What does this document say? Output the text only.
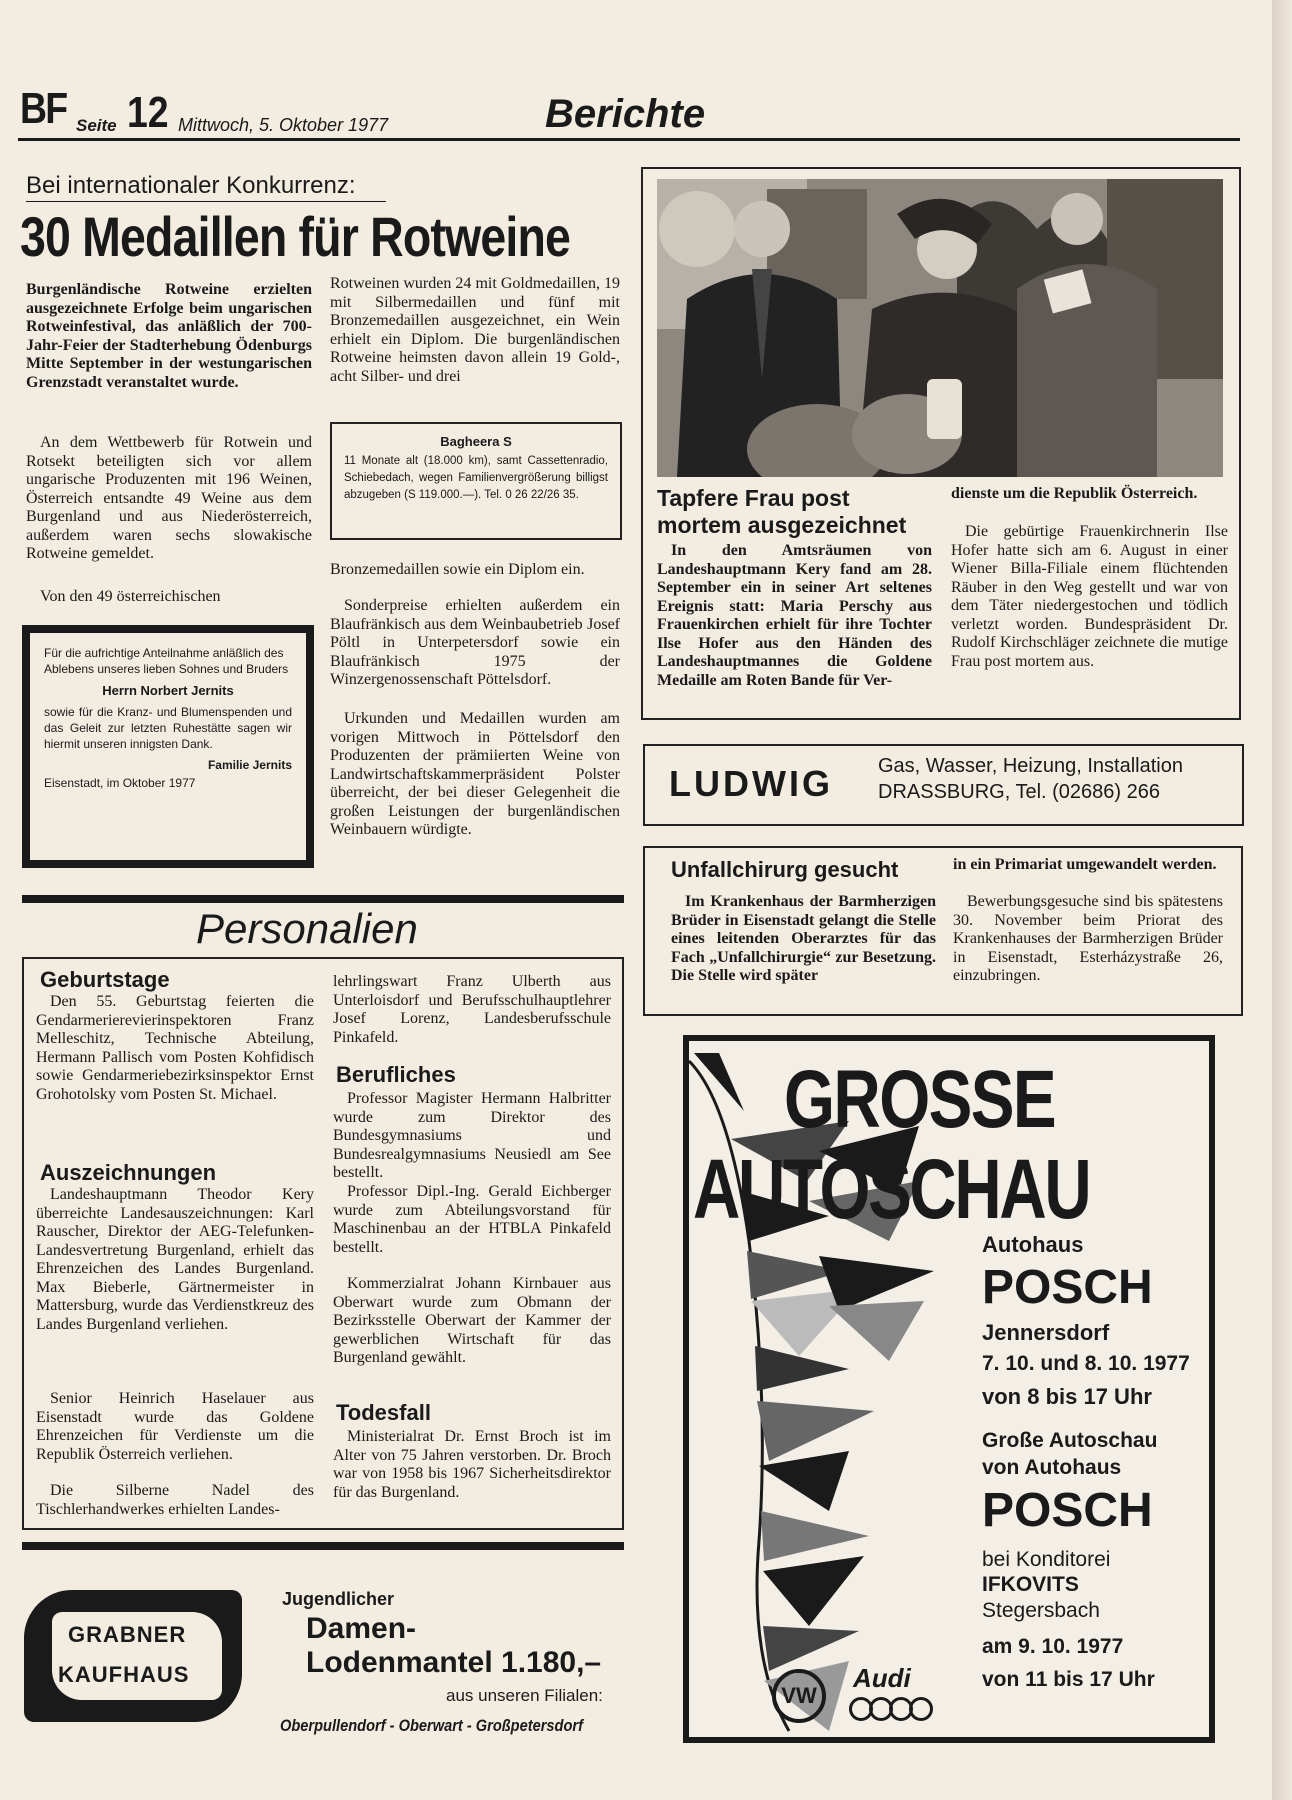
BF Seite 12 Mittwoch, 5. Oktober 1977	Berichte
Bei internationaler Konkurrenz:
30 Medaillen für Rotweine
Burgenländische Rotweine erzielten ausgezeichnete Erfolge beim ungarischen Rotweinfestival, das anläßlich der 700-Jahr-Feier der Stadterhebung Ödenburgs Mitte September in der westungarischen Grenzstadt veranstaltet wurde.
An dem Wettbewerb für Rotwein und Rotsekt beteiligten sich vor allem ungarische Produzenten mit 196 Weinen, Österreich entsandte 49 Weine aus dem Burgenland und aus Niederösterreich, außerdem waren sechs slowakische Rotweine gemeldet.
Von den 49 österreichischen
Rotweinen wurden 24 mit Goldmedaillen, 19 mit Silbermedaillen und fünf mit Bronzemedaillen ausgezeichnet, ein Wein erhielt ein Diplom. Die burgenländischen Rotweine heimsten davon allein 19 Gold-, acht Silber- und drei
Bagheera S
11 Monate alt (18.000 km), samt Cassettenradio, Schiebedach, wegen Familienvergrößerung billigst abzugeben (S 119.000.—). Tel. 0 26 22/26 35.
Bronzemedaillen sowie ein Diplom ein.
Sonderpreise erhielten außerdem ein Blaufränkisch aus dem Weinbaubetrieb Josef Pöltl in Unterpetersdorf sowie ein Blaufränkisch 1975 der Winzergenossenschaft Pöttelsdorf.
Urkunden und Medaillen wurden am vorigen Mittwoch in Pöttelsdorf den Produzenten der prämiierten Weine von Landwirtschaftskammerpräsident Polster überreicht, der bei dieser Gelegenheit die großen Leistungen der burgenländischen Weinbauern würdigte.
Für die aufrichtige Anteilnahme anläßlich des Ablebens unseres lieben Sohnes und Bruders
Herrn Norbert Jernits
sowie für die Kranz- und Blumenspenden und das Geleit zur letzten Ruhestätte sagen wir hiermit unseren innigsten Dank.
Familie Jernits
Eisenstadt, im Oktober 1977
Tapfere Frau post
mortem ausgezeichnet
In den Amtsräumen von Landeshauptmann Kery fand am 28. September ein in seiner Art seltenes Ereignis statt: Maria Perschy aus Frauenkirchen erhielt für ihre Tochter Ilse Hofer aus den Händen des Landeshauptmannes die Goldene Medaille am Roten Bande für Ver-
dienste um die Republik Österreich.
Die gebürtige Frauenkirchnerin Ilse Hofer hatte sich am 6. August in einer Wiener Billa-Filiale einem flüchtenden Räuber in den Weg gestellt und war von dem Täter niedergestochen und tödlich verletzt worden. Bundespräsident Dr. Rudolf Kirchschläger zeichnete die mutige Frau post mortem aus.
LUDWIG Gas, Wasser, Heizung, Installation
DRASSBURG, Tel. (02686) 266
Unfallchirurg gesucht
Im Krankenhaus der Barmherzigen Brüder in Eisenstadt gelangt die Stelle eines leitenden Oberarztes für das Fach „Unfallchirurgie“ zur Besetzung. Die Stelle wird später
in ein Primariat umgewandelt werden.
Bewerbungsgesuche sind bis spätestens 30. November beim Priorat des Krankenhauses der Barmherzigen Brüder in Eisenstadt, Esterházystraße 26, einzubringen.
Personalien
Geburtstage
Den 55. Geburtstag feierten die Gendarmerierevierinspektoren Franz Melleschitz, Technische Abteilung, Hermann Pallisch vom Posten Kohfidisch sowie Gendarmeriebezirksinspektor Ernst Grohotolsky vom Posten St. Michael.
Auszeichnungen
Landeshauptmann Theodor Kery überreichte Landesauszeichnungen: Karl Rauscher, Direktor der AEG-Telefunken-Landesvertretung Burgenland, erhielt das Ehrenzeichen des Landes Burgenland. Max Bieberle, Gärtnermeister in Mattersburg, wurde das Verdienstkreuz des Landes Burgenland verliehen.
Senior Heinrich Haselauer aus Eisenstadt wurde das Goldene Ehrenzeichen für Verdienste um die Republik Österreich verliehen.
Die Silberne Nadel des Tischlerhandwerkes erhielten Landes-
lehrlingswart Franz Ulberth aus Unterloisdorf und Berufsschulhauptlehrer Josef Lorenz, Landesberufsschule Pinkafeld.
Berufliches
Professor Magister Hermann Halbritter wurde zum Direktor des Bundesgymnasiums und Bundesrealgymnasiums Neusiedl am See bestellt.
Professor Dipl.-Ing. Gerald Eichberger wurde zum Abteilungsvorstand für Maschinenbau an der HTBLA Pinkafeld bestellt.
Kommerzialrat Johann Kirnbauer aus Oberwart wurde zum Obmann der Bezirksstelle Oberwart der Kammer der gewerblichen Wirtschaft für das Burgenland gewählt.
Todesfall
Ministerialrat Dr. Ernst Broch ist im Alter von 75 Jahren verstorben. Dr. Broch war von 1958 bis 1967 Sicherheitsdirektor für das Burgenland.
GRABNER
KAUFHAUS
Jugendlicher
Damen-
Lodenmantel 1.180,–
aus unseren Filialen:
Oberpullendorf - Oberwart - Großpetersdorf
GROSSE
AUTOSCHAU
Autohaus
POSCH
Jennersdorf
7. 10. und 8. 10. 1977
von 8 bis 17 Uhr
Große Autoschau
von Autohaus
POSCH
bei Konditorei
IFKOVITS
Stegersbach
am 9. 10. 1977
von 11 bis 17 Uhr
VW
Audi
